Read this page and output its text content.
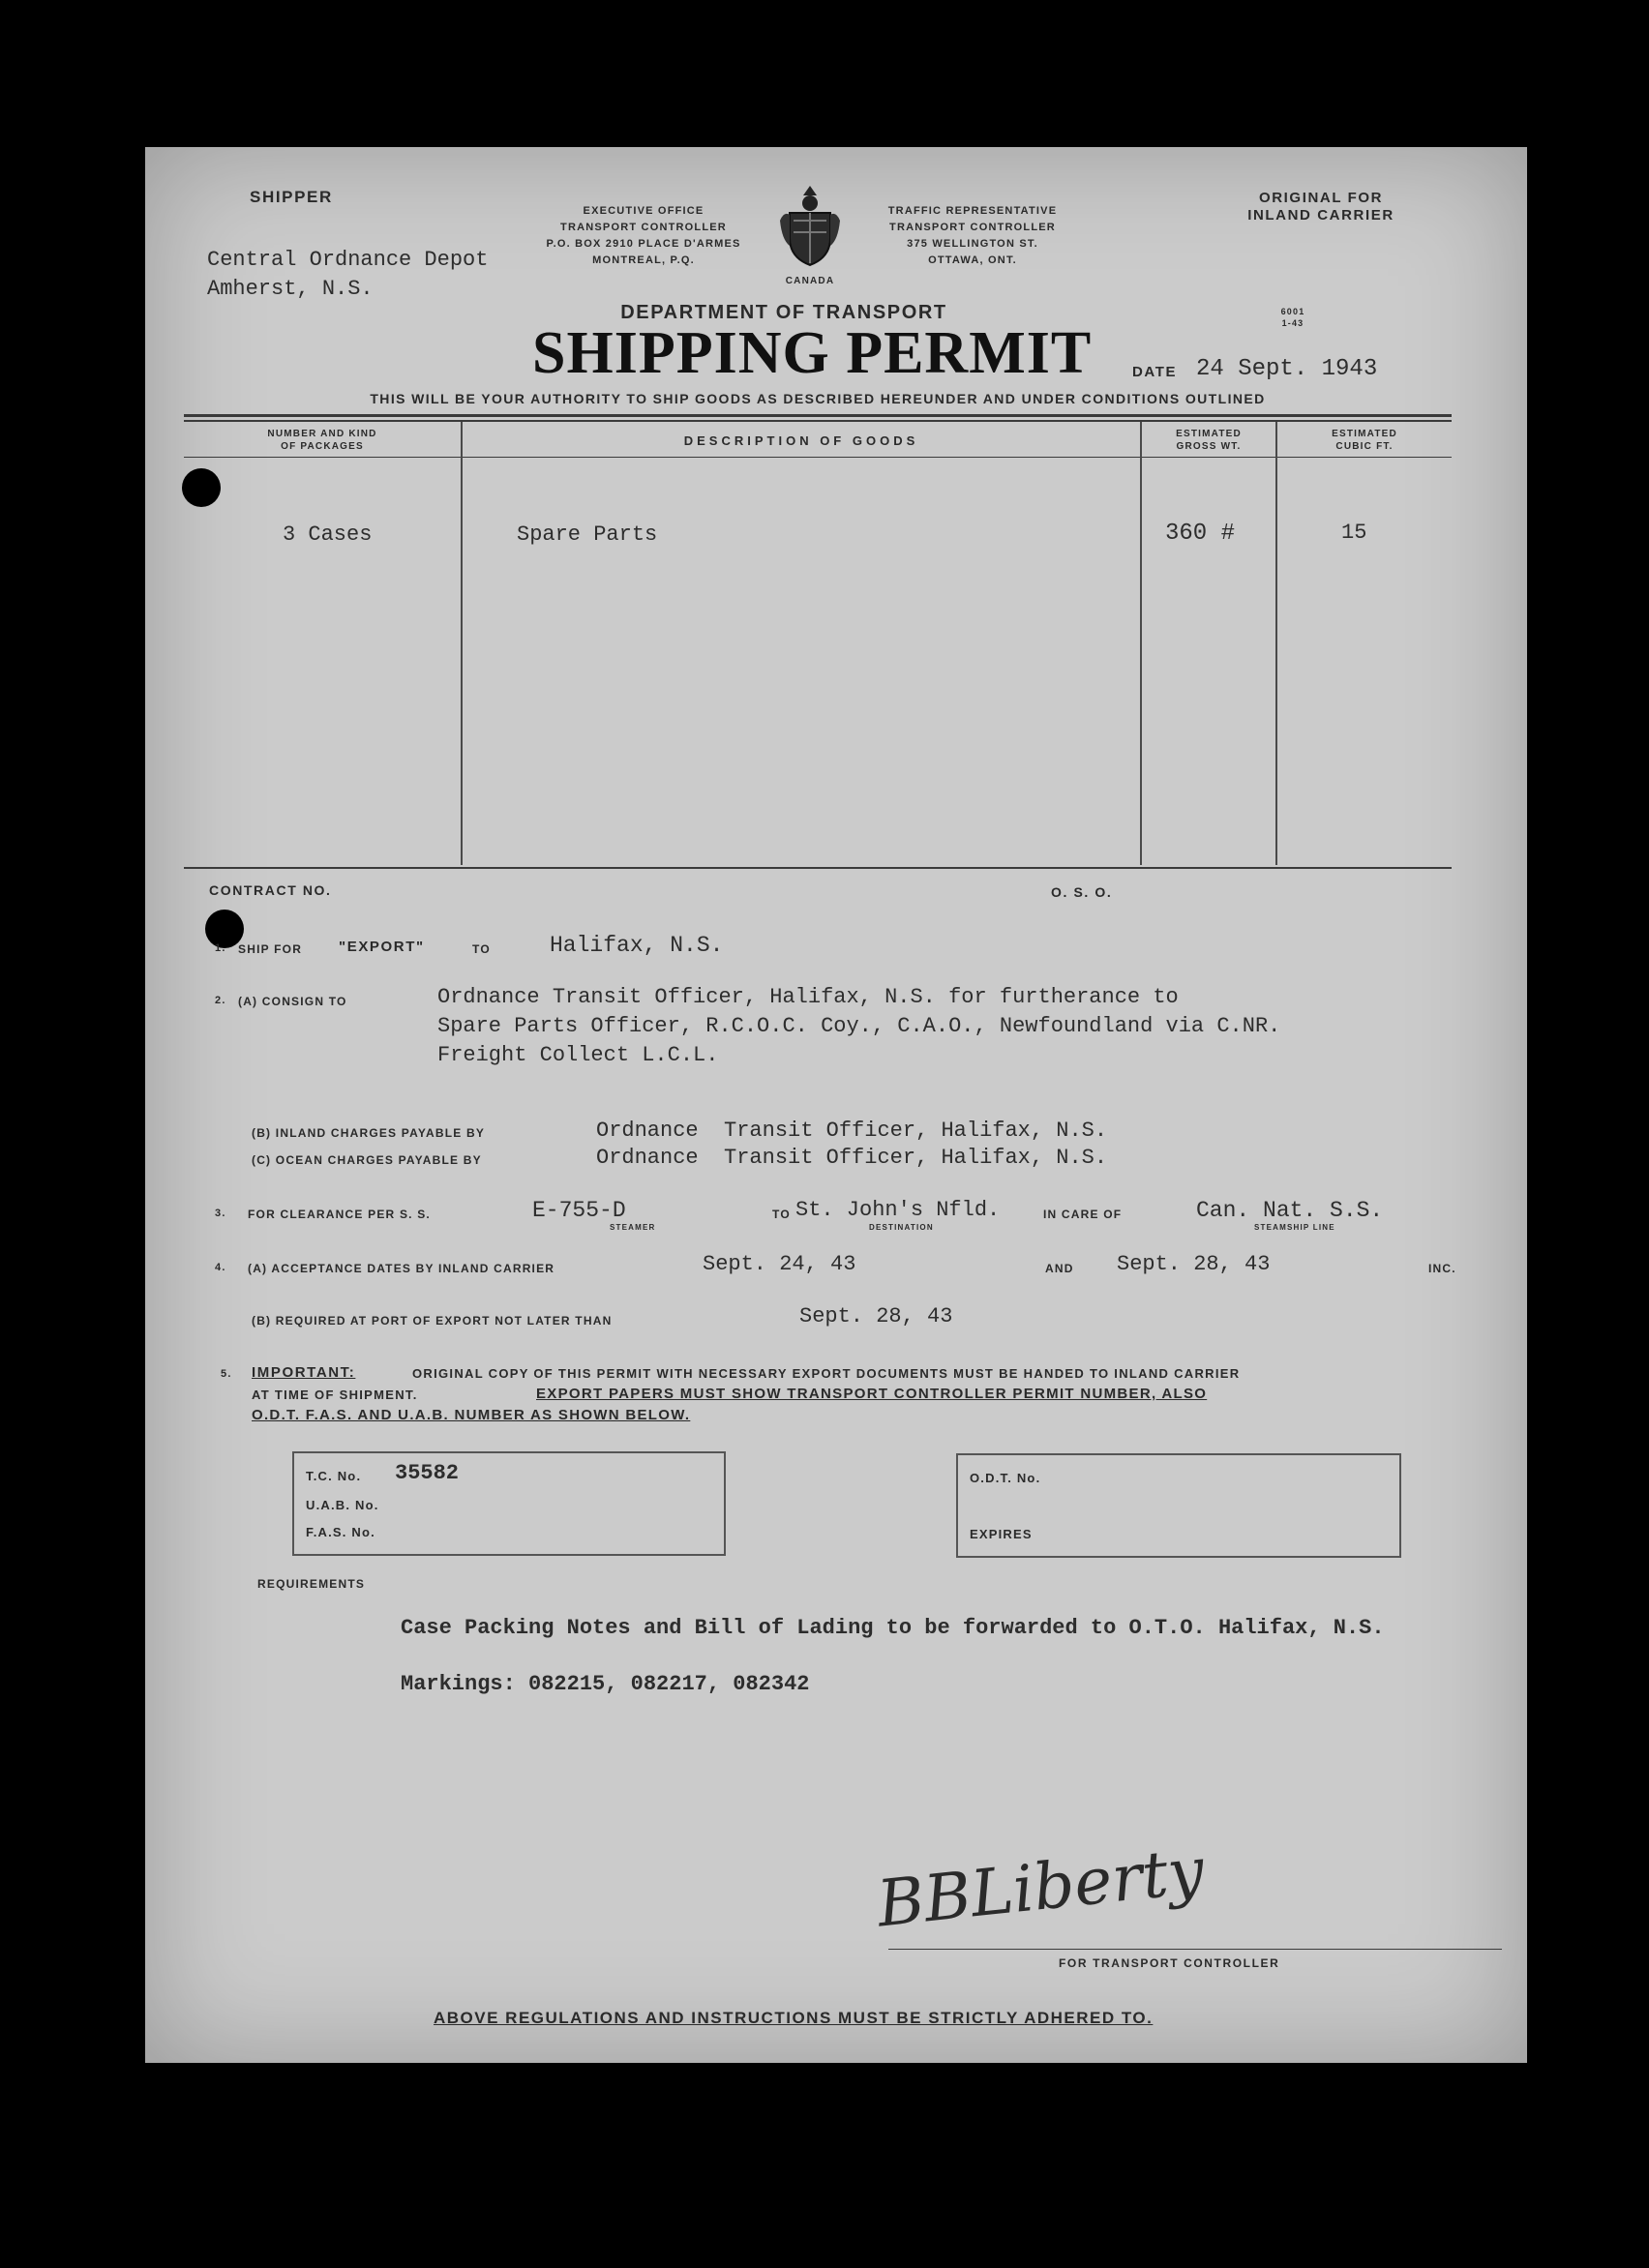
SHIPPER
Central Ordnance Depot
Amherst, N.S.
EXECUTIVE OFFICE
TRANSPORT CONTROLLER
P.O. BOX 2910 PLACE D'ARMES
MONTREAL, P.Q.
CANADA
TRAFFIC REPRESENTATIVE
TRANSPORT CONTROLLER
375 WELLINGTON ST.
OTTAWA, ONT.
ORIGINAL FOR
INLAND CARRIER
DEPARTMENT OF TRANSPORT	6001
1-43
SHIPPING PERMIT	DATE 24 Sept. 1943
THIS WILL BE YOUR AUTHORITY TO SHIP GOODS AS DESCRIBED HEREUNDER AND UNDER CONDITIONS OUTLINED
NUMBER AND KIND
OF PACKAGES	DESCRIPTION OF GOODS	ESTIMATED
GROSS WT.
ESTIMATED
CUBIC FT.
3 Cases	Spare Parts	360 #	15
CONTRACT NO.	O. S. O.
1. SHIP FOR	"EXPORT"	TO	Halifax, N.S.
2. (A) CONSIGN TO	Ordnance Transit Officer, Halifax, N.S. for furtherance to
Spare Parts Officer, R.C.O.C. Coy., C.A.O., Newfoundland via C.NR.
Freight Collect L.C.L.
(B) INLAND CHARGES PAYABLE BY	Ordnance  Transit Officer, Halifax, N.S.
(C) OCEAN CHARGES PAYABLE BY	Ordnance  Transit Officer, Halifax, N.S.
3. FOR CLEARANCE PER S. S.	E-755-D
STEAMER
TO St. John's Nfld.
DESTINATION
IN CARE OF	Can. Nat. S.S.
STEAMSHIP LINE
4. (A) ACCEPTANCE DATES BY INLAND CARRIER	Sept. 24, 43	AND Sept. 28, 43	INC.
(B) REQUIRED AT PORT OF EXPORT NOT LATER THAN	Sept. 28, 43
5. IMPORTANT:	ORIGINAL COPY OF THIS PERMIT WITH NECESSARY EXPORT DOCUMENTS MUST BE HANDED TO INLAND CARRIER
AT TIME OF SHIPMENT.	EXPORT PAPERS MUST SHOW TRANSPORT CONTROLLER PERMIT NUMBER, ALSO
O.D.T. F.A.S. AND U.A.B. NUMBER AS SHOWN BELOW.
T.C. No. 35582
U.A.B. No.
F.A.S. No.
O.D.T. No.
EXPIRES
REQUIREMENTS
Case Packing Notes and Bill of Lading to be forwarded to O.T.O. Halifax, N.S.
Markings: 082215, 082217, 082342
BBLiberty
FOR TRANSPORT CONTROLLER
ABOVE REGULATIONS AND INSTRUCTIONS MUST BE STRICTLY ADHERED TO.
